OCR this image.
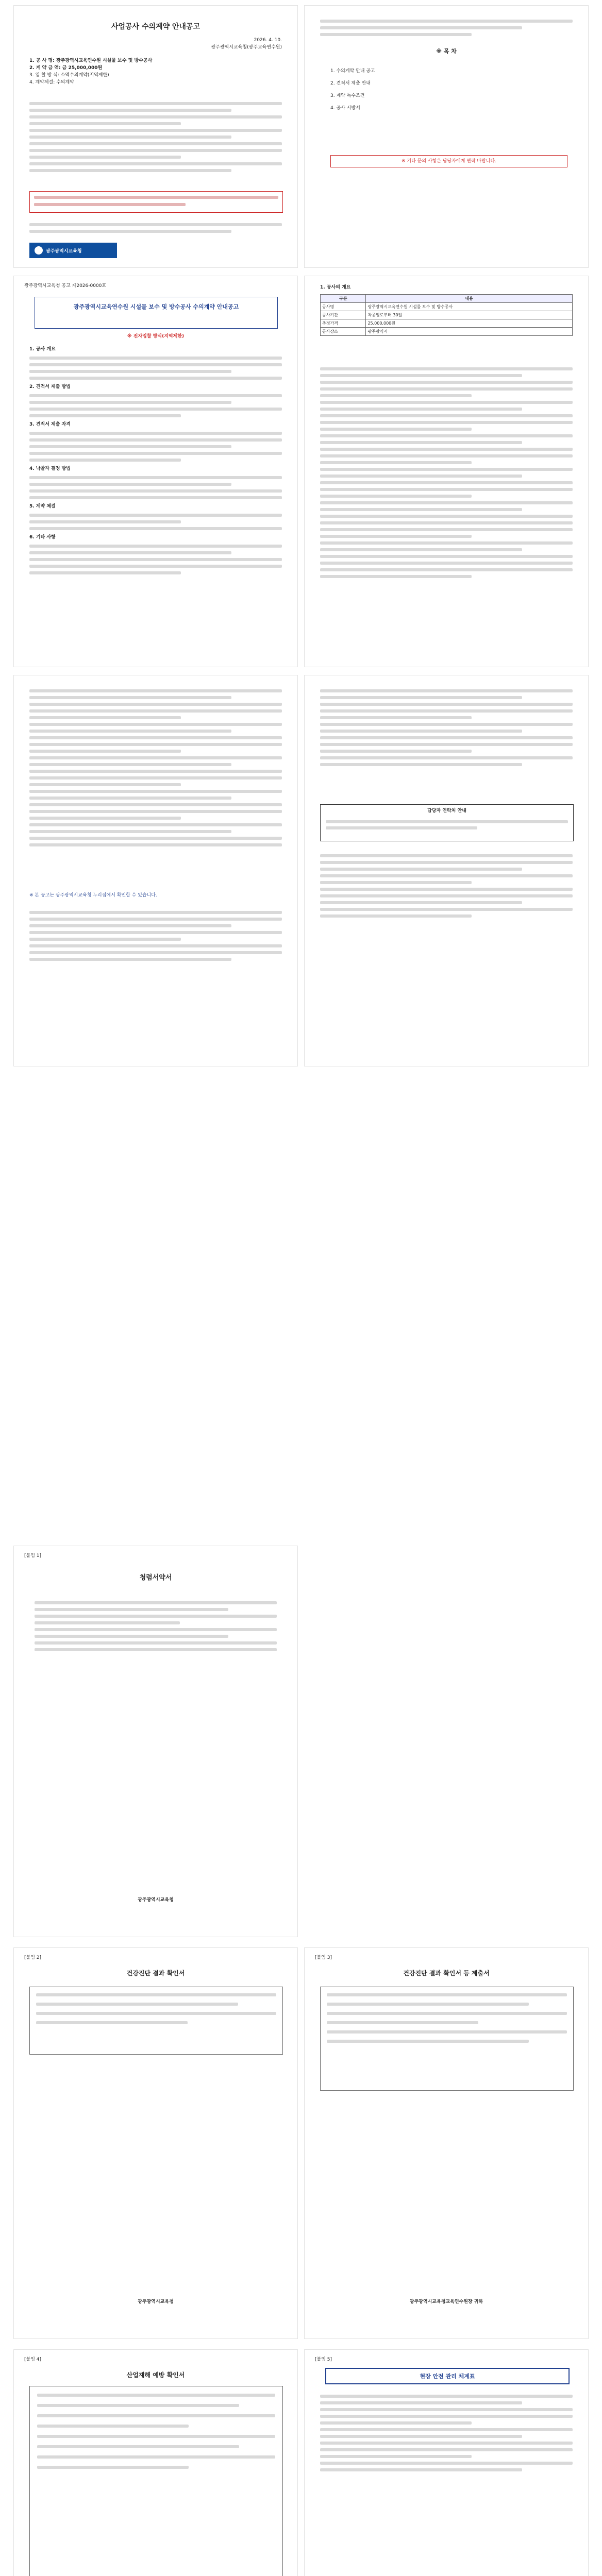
사업공사 수의계약 안내공고
2026. 4. 10.
광주광역시교육청(광주교육연수원)
1. 공 사 명: 광주광역시교육연수원 시설물 보수 및 방수공사
2. 계 약 금 액: 금 25,000,000원
3. 입 찰 방 식: 소액수의계약(지역제한)
4. 계약체결: 수의계약
광주광역시교육청
※ 목 차
1. 수의계약 안내 공고
2. 견적서 제출 안내
3. 계약 특수조건
4. 공사 시방서
※ 기타 문의 사항은 담당자에게 연락 바랍니다.
광주광역시교육청 공고 제2026-0000호
광주광역시교육연수원 시설물 보수 및 방수공사 수의계약 안내공고
※ 전자입찰 방식(지역제한)
1. 공사 개요
2. 견적서 제출 방법
3. 견적서 제출 자격
4. 낙찰자 결정 방법
5. 계약 체결
6. 기타 사항
1. 공사의 개요
구분	내용
공사명	광주광역시교육연수원 시설물 보수 및 방수공사
공사기간	착공일로부터 30일
추정가격	25,000,000원
공사장소	광주광역시
※ 본 공고는 광주광역시교육청 누리집에서 확인할 수 있습니다.
담당자 연락처 안내
[붙임 1]
청렴서약서
광주광역시교육청
[붙임 2]
건강진단 결과 확인서
광주광역시교육청
[붙임 3]
건강진단 결과 확인서 등 제출서
광주광역시교육청교육연수원장 귀하
[붙임 4]
산업재해 예방 확인서
[붙임 5]
현장 안전 관리 체계표
